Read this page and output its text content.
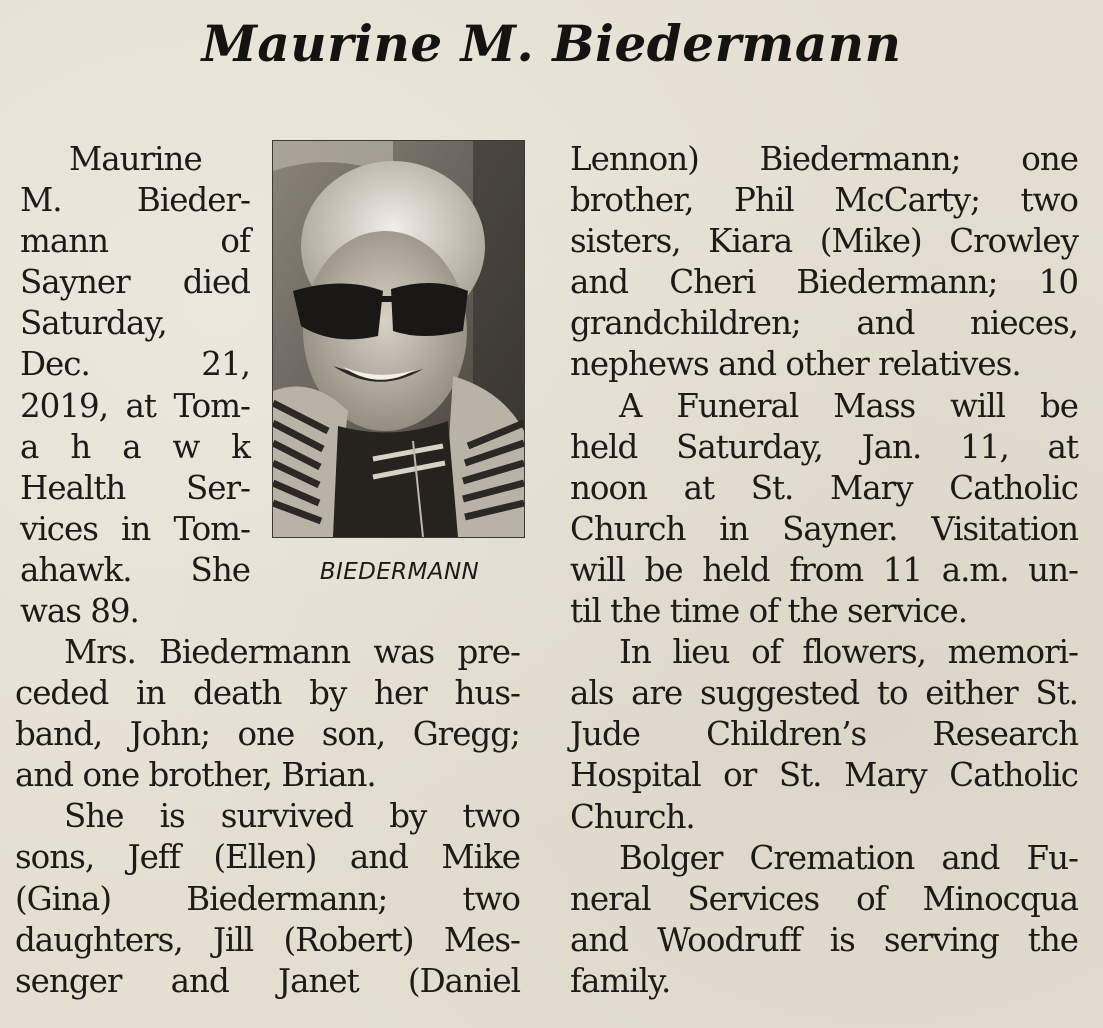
Maurine M. Biedermann
Maurine
M. Bieder-
mann of
Sayner died
Saturday,
Dec. 21,
2019, at Tom-
a h a w k
Health Ser-
vices in Tom-
ahawk. She
was 89.
BIEDERMANN
Mrs. Biedermann was pre-
ceded in death by her hus-
band, John; one son, Gregg;
and one brother, Brian.
She is survived by two
sons, Jeff (Ellen) and Mike
(Gina) Biedermann; two
daughters, Jill (Robert) Mes-
senger and Janet (Daniel
Lennon) Biedermann; one
brother, Phil McCarty; two
sisters, Kiara (Mike) Crowley
and Cheri Biedermann; 10
grandchildren; and nieces,
nephews and other relatives.
A Funeral Mass will be
held Saturday, Jan. 11, at
noon at St. Mary Catholic
Church in Sayner. Visitation
will be held from 11 a.m. un-
til the time of the service.
In lieu of flowers, memori-
als are suggested to either St.
Jude Children’s Research
Hospital or St. Mary Catholic
Church.
Bolger Cremation and Fu-
neral Services of Minocqua
and Woodruff is serving the
family.
